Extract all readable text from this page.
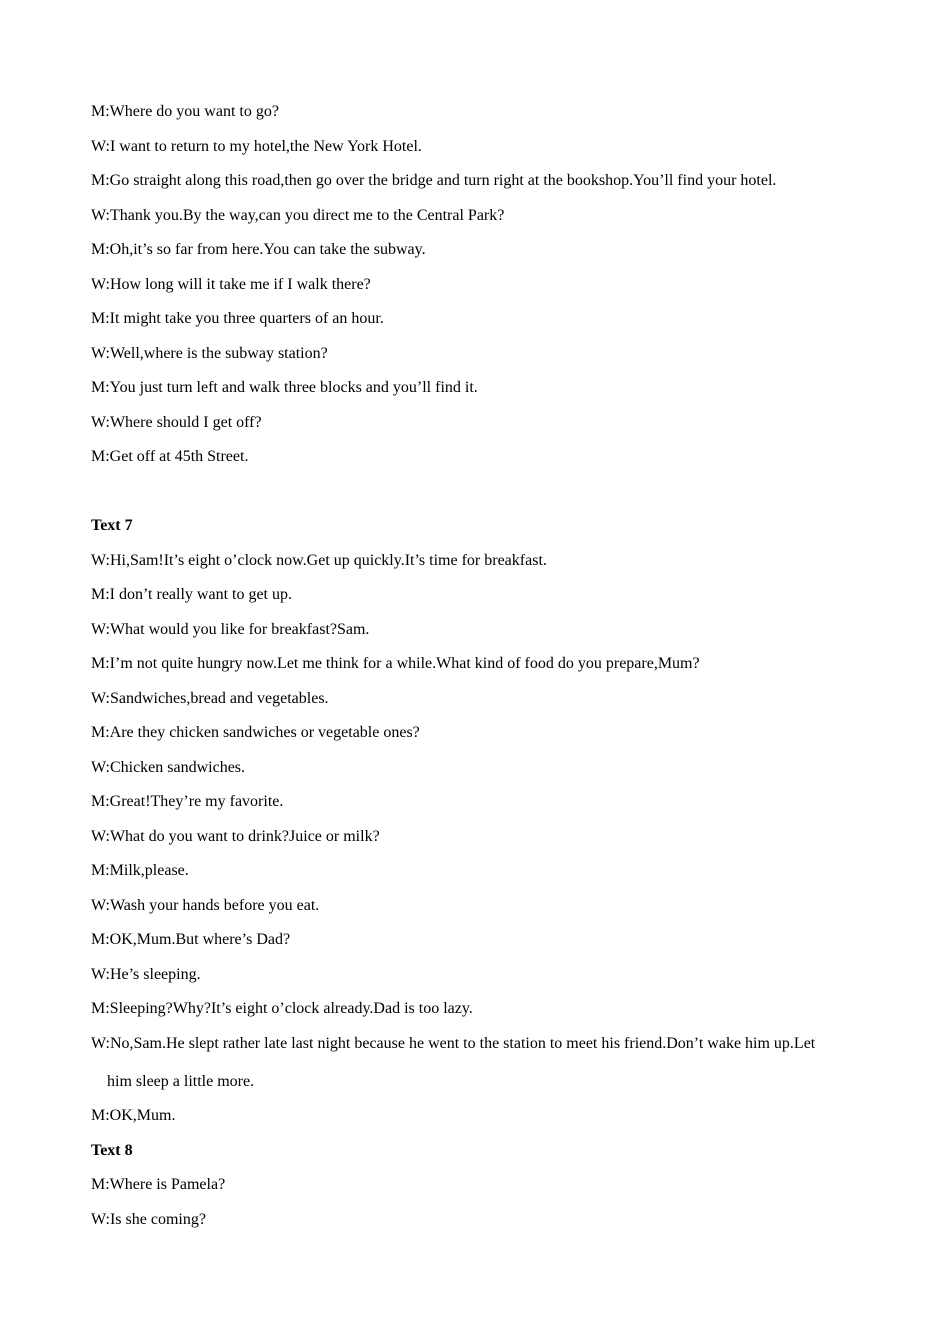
M:Where do you want to go?
W:I want to return to my hotel,the New York Hotel.
M:Go straight along this road,then go over the bridge and turn right at the bookshop.You’ll find your hotel.
W:Thank you.By the way,can you direct me to the Central Park?
M:Oh,it’s so far from here.You can take the subway.
W:How long will it take me if I walk there?
M:It might take you three quarters of an hour.
W:Well,where is the subway station?
M:You just turn left and walk three blocks and you’ll find it.
W:Where should I get off?
M:Get off at 45th Street.
Text 7
W:Hi,Sam!It’s eight o’clock now.Get up quickly.It’s time for breakfast.
M:I don’t really want to get up.
W:What would you like for breakfast?Sam.
M:I’m not quite hungry now.Let me think for a while.What kind of food do you prepare,Mum?
W:Sandwiches,bread and vegetables.
M:Are they chicken sandwiches or vegetable ones?
W:Chicken sandwiches.
M:Great!They’re my favorite.
W:What do you want to drink?Juice or milk?
M:Milk,please.
W:Wash your hands before you eat.
M:OK,Mum.But where’s Dad?
W:He’s sleeping.
M:Sleeping?Why?It’s eight o’clock already.Dad is too lazy.
W:No,Sam.He slept rather late last night because he went to the station to meet his friend.Don’t wake him up.Let
him sleep a little more.
M:OK,Mum.
Text 8
M:Where is Pamela?
W:Is she coming?
